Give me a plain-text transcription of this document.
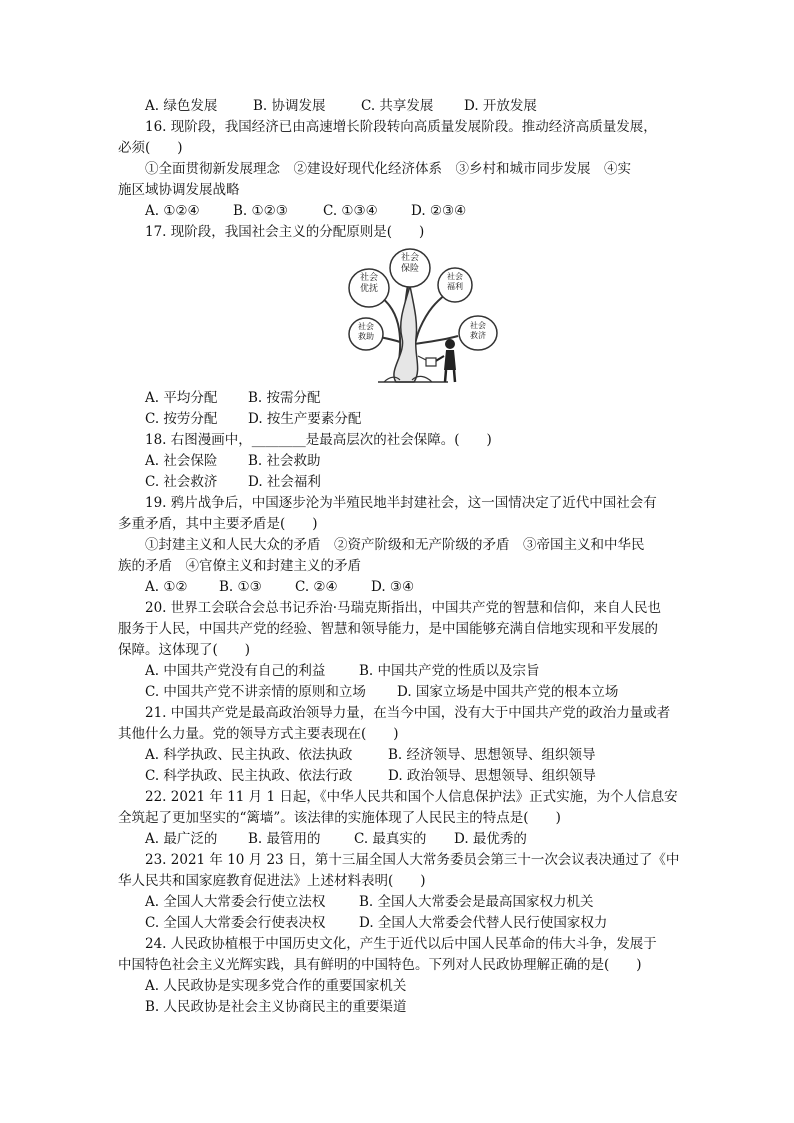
A. 绿色发展	B. 协调发展	C. 共享发展 D. 开放发展
16. 现阶段，我国经济已由高速增长阶段转向高质量发展阶段。推动经济高质量发展，
必须(　　)
①全面贯彻新发展理念　②建设好现代化经济体系　③乡村和城市同步发展　④实
施区域协调发展战略
A. ①②④ B. ①②③	C. ①③④ D. ②③④
17. 现阶段，我国社会主义的分配原则是(　　)
社会保险
社会优抚
社会福利
社会救助
社会救济
A. 平均分配 B. 按需分配
C. 按劳分配 D. 按生产要素分配
18. 右图漫画中，________是最高层次的社会保障。(　　)
A. 社会保险 B. 社会救助
C. 社会救济 D. 社会福利
19. 鸦片战争后，中国逐步沦为半殖民地半封建社会，这一国情决定了近代中国社会有
多重矛盾，其中主要矛盾是(　　)
①封建主义和人民大众的矛盾　②资产阶级和无产阶级的矛盾　③帝国主义和中华民
族的矛盾　④官僚主义和封建主义的矛盾
A. ①② B. ①③ C. ②④ D. ③④
20. 世界工会联合会总书记乔治·马瑞克斯指出，中国共产党的智慧和信仰，来自人民也
服务于人民，中国共产党的经验、智慧和领导能力，是中国能够充满自信地实现和平发展的
保障。这体现了(　　)
A. 中国共产党没有自己的利益 B. 中国共产党的性质以及宗旨
C. 中国共产党不讲亲情的原则和立场 D. 国家立场是中国共产党的根本立场
21. 中国共产党是最高政治领导力量，在当今中国，没有大于中国共产党的政治力量或者
其他什么力量。党的领导方式主要表现在(　　)
A. 科学执政、民主执政、依法执政	B. 经济领导、思想领导、组织领导
C. 科学执政、民主执政、依法行政	D. 政治领导、思想领导、组织领导
22. 2021 年 11 月 1 日起，《中华人民共和国个人信息保护法》正式实施，为个人信息安
全筑起了更加坚实的“篱墙”。该法律的实施体现了人民民主的特点是(　　)
A. 最广泛的 B. 最管用的 C. 最真实的 D. 最优秀的
23. 2021 年 10 月 23 日，第十三届全国人大常务委员会第三十一次会议表决通过了《中
华人民共和国家庭教育促进法》上述材料表明(　　)
A. 全国人大常委会行使立法权 B. 全国人大常委会是最高国家权力机关
C. 全国人大常委会行使表决权 D. 全国人大常委会代替人民行使国家权力
24. 人民政协植根于中国历史文化，产生于近代以后中国人民革命的伟大斗争，发展于
中国特色社会主义光辉实践，具有鲜明的中国特色。下列对人民政协理解正确的是(　　)
A. 人民政协是实现多党合作的重要国家机关
B. 人民政协是社会主义协商民主的重要渠道
